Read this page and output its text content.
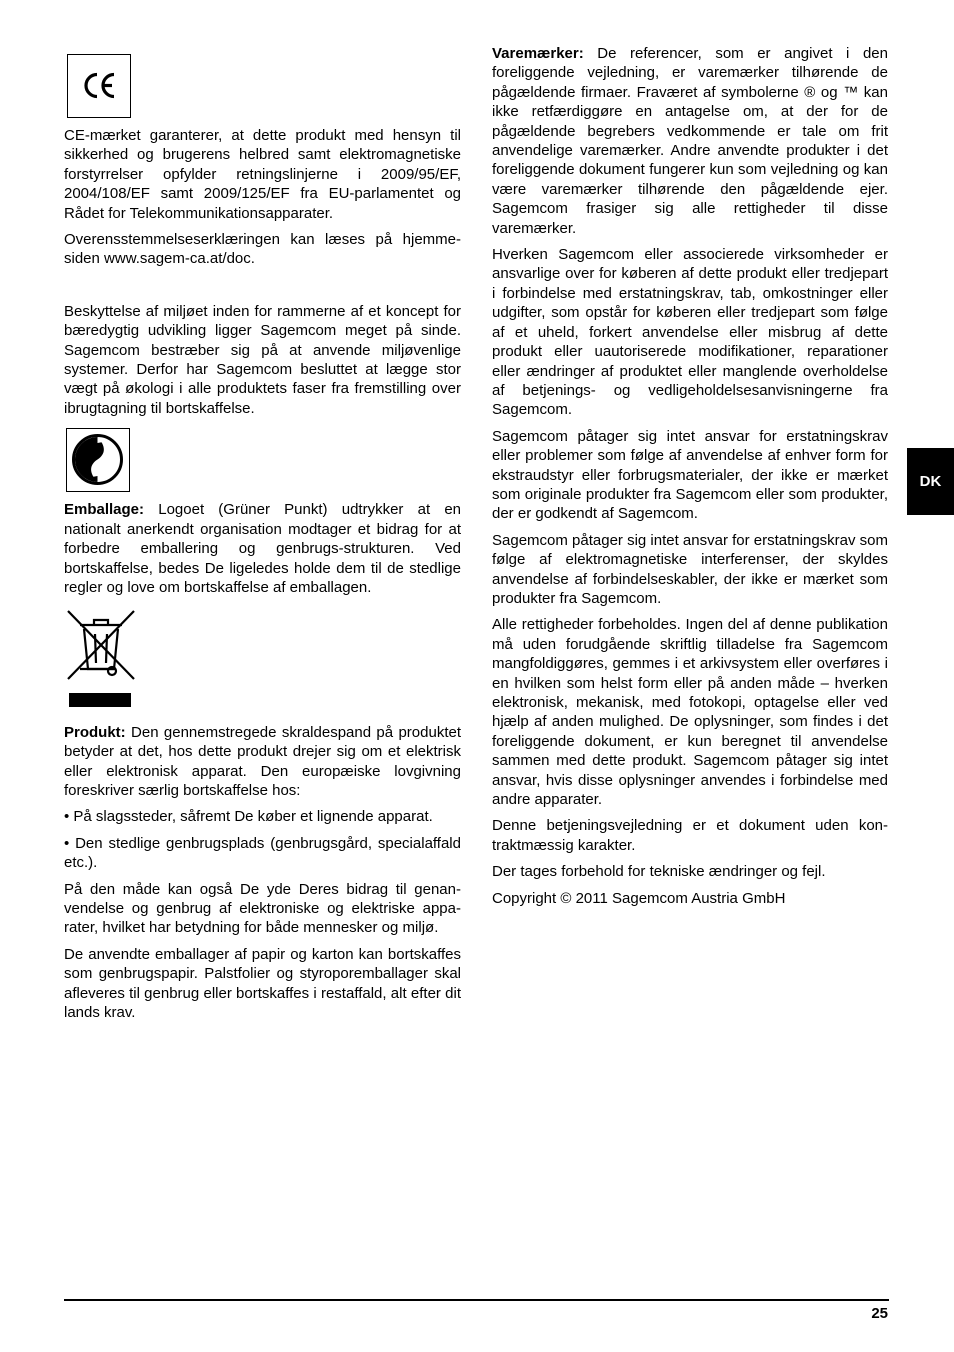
CE-mærket garanterer, at dette produkt med hensyn til sikkerhed og brugerens helbred samt elektromagnetiske forstyrrelser opfylder retningslinjerne i 2009/95/EF, 2004/108/EF samt 2009/125/EF fra EU-parlamentet og Rådet for Telekommunikationsapparater.

Overensstemmelseserklæringen kan læses på hjemmesiden www.sagem-ca.at/doc.

Beskyttelse af miljøet inden for rammerne af et koncept for bæredygtig udvikling ligger Sagemcom meget på sinde. Sagemcom bestræber sig på at anvende miljøvenlige systemer. Derfor har Sagemcom besluttet at lægge stor vægt på økologi i alle produktets faser fra fremstilling over ibrugtagning til bortskaffelse.

Emballage: Logoet (Grüner Punkt) udtrykker at en nationalt anerkendt organisation modtager et bidrag for at forbedre emballering og genbrugs-strukturen. Ved bortskaffelse, bedes De ligeledes holde dem til de stedlige regler og love om bortskaffelse af emballagen.

Produkt: Den gennemstregede skraldespand på produktet betyder at det, hos dette produkt drejer sig om et elektrisk eller elektronisk apparat. Den europæiske lovgivning foreskriver særlig bortskaffelse hos:

• På slagssteder, såfremt De køber et lignende apparat.

• Den stedlige genbrugsplads (genbrugsgård, specialaffald etc.).

På den måde kan også De yde Deres bidrag til genanvendelse og genbrug af elektroniske og elektriske apparater, hvilket har betydning for både mennesker og miljø.

De anvendte emballager af papir og karton kan bortskaffes som genbrugspapir. Palstfolier og styroporemballager skal afleveres til genbrug eller bortskaffes i restaffald, alt efter dit lands krav.

Varemærker: De referencer, som er angivet i den foreliggende vejledning, er varemærker tilhørende de pågældende firmaer. Fraværet af symbolerne ® og ™ kan ikke retfærdiggøre en antagelse om, at der for de pågældende begrebers vedkommende er tale om frit anvendelige varemærker. Andre anvendte produkter i det foreliggende dokument fungerer kun som vejledning og kan være varemærker tilhørende den pågældende ejer. Sagemcom frasiger sig alle rettigheder til disse varemærker.

Hverken Sagemcom eller associerede virksomheder er ansvarlige over for køberen af dette produkt eller tredjepart i forbindelse med erstatningskrav, tab, omkostninger eller udgifter, som opstår for køberen eller tredjepart som følge af et uheld, forkert anvendelse eller misbrug af dette produkt eller uautoriserede modifikationer, reparationer eller ændringer af produktet eller manglende overholdelse af betjenings- og vedligeholdelsesanvisningerne fra Sagemcom.

Sagemcom påtager sig intet ansvar for erstatningskrav eller problemer som følge af anvendelse af enhver form for ekstraudstyr eller forbrugsmaterialer, der ikke er mærket som originale produkter fra Sagemcom eller som produkter, der er godkendt af Sagemcom.

Sagemcom påtager sig intet ansvar for erstatningskrav som følge af elektromagnetiske interferenser, der skyldes anvendelse af forbindelseskabler, der ikke er mærket som produkter fra Sagemcom.

Alle rettigheder forbeholdes. Ingen del af denne publikation må uden forudgående skriftlig tilladelse fra Sagemcom mangfoldiggøres, gemmes i et arkivsystem eller overføres i en hvilken som helst form eller på anden måde – hverken elektronisk, mekanisk, med fotokopi, optagelse eller ved hjælp af anden mulighed. De oplysninger, som findes i det foreliggende dokument, er kun beregnet til anvendelse sammen med dette produkt. Sagemcom påtager sig intet ansvar, hvis disse oplysninger anvendes i forbindelse med andre apparater.

Denne betjeningsvejledning er et dokument uden kontraktmæssig karakter.

Der tages forbehold for tekniske ændringer og fejl.

Copyright © 2011 Sagemcom Austria GmbH

DK
25
